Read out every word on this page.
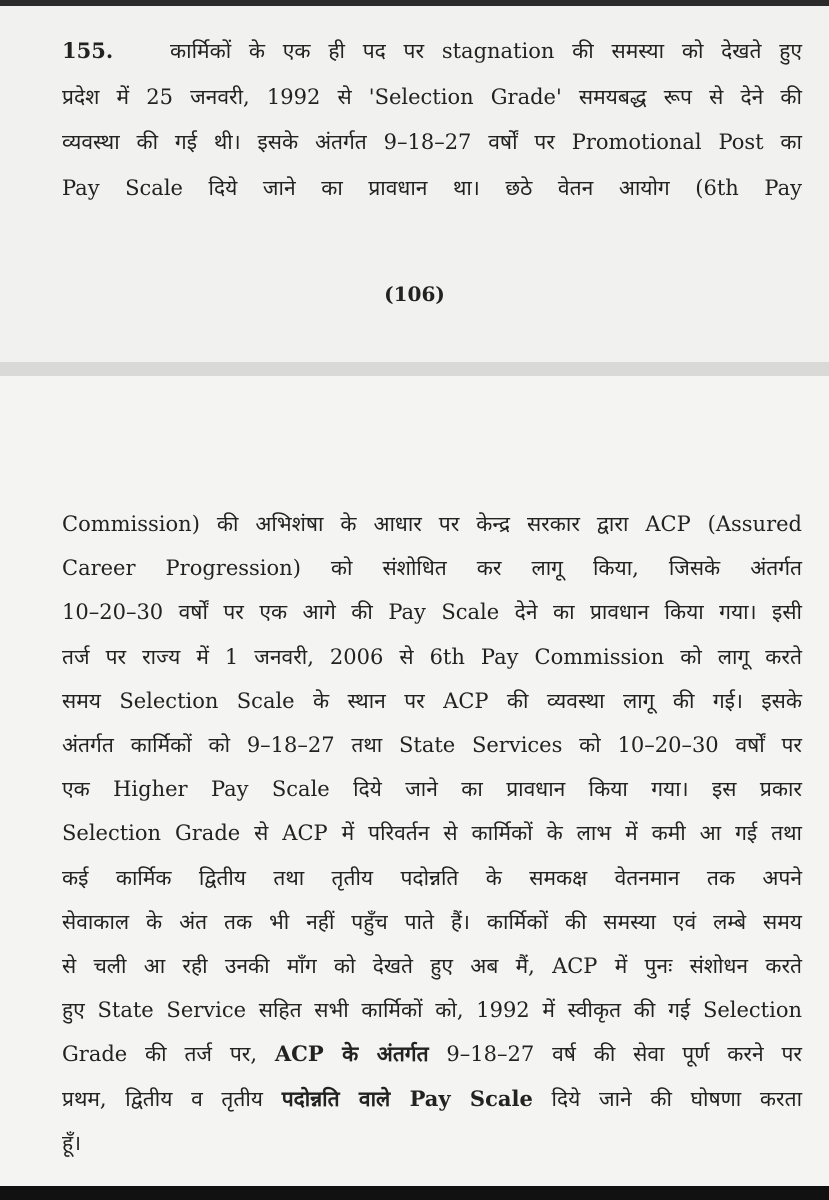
155.	कार्मिकों के एक ही पद पर stagnation की समस्या को देखते हुए
प्रदेश में 25 जनवरी, 1992 से 'Selection Grade' समयबद्ध रूप से देने की
व्यवस्था की गई थी। इसके अंतर्गत 9–18–27 वर्षों पर Promotional Post का
Pay Scale दिये जाने का प्रावधान था। छठे वेतन आयोग (6th Pay
(106)
Commission) की अभिशंषा के आधार पर केन्द्र सरकार द्वारा ACP (Assured
Career Progression) को संशोधित कर लागू किया, जिसके अंतर्गत
10–20–30 वर्षों पर एक आगे की Pay Scale देने का प्रावधान किया गया। इसी
तर्ज पर राज्य में 1 जनवरी, 2006 से 6th Pay Commission को लागू करते
समय Selection Scale के स्थान पर ACP की व्यवस्था लागू की गई। इसके
अंतर्गत कार्मिकों को 9–18–27 तथा State Services को 10–20–30 वर्षों पर
एक Higher Pay Scale दिये जाने का प्रावधान किया गया। इस प्रकार
Selection Grade से ACP में परिवर्तन से कार्मिकों के लाभ में कमी आ गई तथा
कई कार्मिक द्वितीय तथा तृतीय पदोन्नति के समकक्ष वेतनमान तक अपने
सेवाकाल के अंत तक भी नहीं पहुँच पाते हैं। कार्मिकों की समस्या एवं लम्बे समय
से चली आ रही उनकी माँग को देखते हुए अब मैं, ACP में पुनः संशोधन करते
हुए State Service सहित सभी कार्मिकों को, 1992 में स्वीकृत की गई Selection
Grade की तर्ज पर, ACP के अंतर्गत 9–18–27 वर्ष की सेवा पूर्ण करने पर
प्रथम, द्वितीय व तृतीय पदोन्नति वाले Pay Scale दिये जाने की घोषणा करता
हूँ।
